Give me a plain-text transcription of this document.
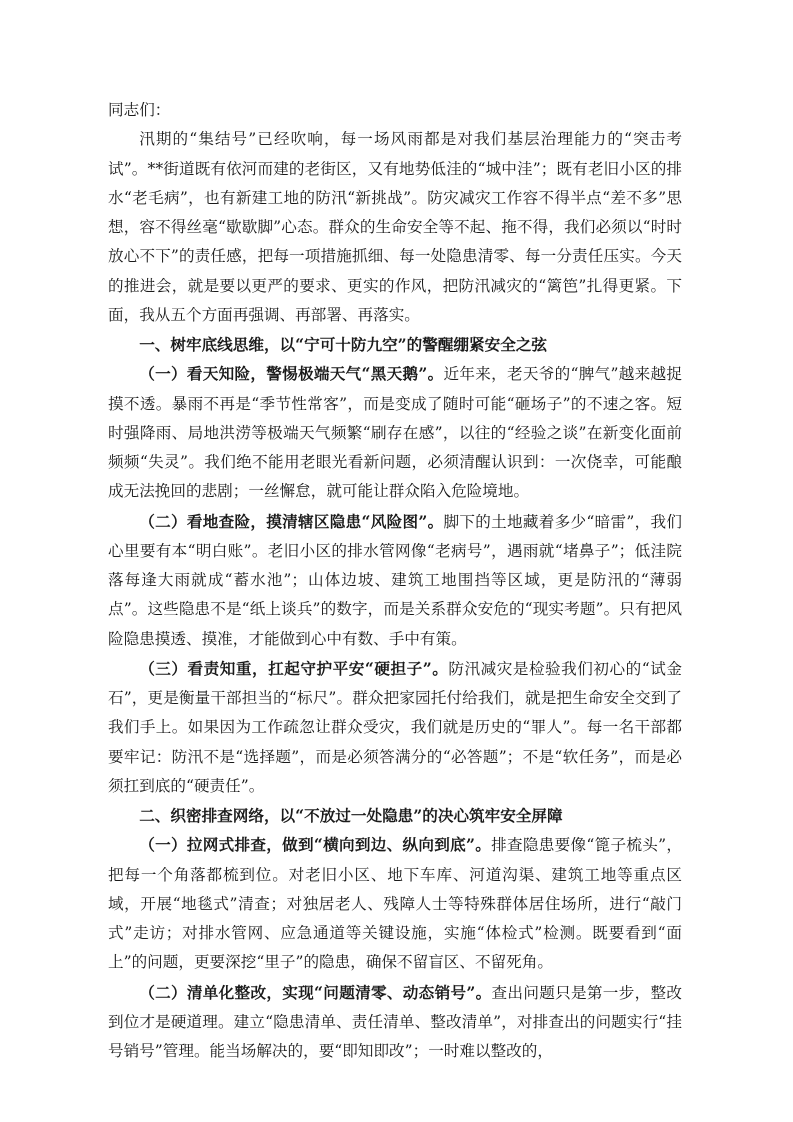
同志们：

汛期的“集结号”已经吹响，每一场风雨都是对我们基层治理能力的“突击考试”。**街道既有依河而建的老街区，又有地势低洼的“城中洼”；既有老旧小区的排水“老毛病”，也有新建工地的防汛“新挑战”。防灾减灾工作容不得半点“差不多”思想，容不得丝毫“歇歇脚”心态。群众的生命安全等不起、拖不得，我们必须以“时时放心不下”的责任感，把每一项措施抓细、每一处隐患清零、每一分责任压实。今天的推进会，就是要以更严的要求、更实的作风，把防汛减灾的“篱笆”扎得更紧。下面，我从五个方面再强调、再部署、再落实。

一、树牢底线思维，以“宁可十防九空”的警醒绷紧安全之弦

（一）看天知险，警惕极端天气“黑天鹅”。近年来，老天爷的“脾气”越来越捉摸不透。暴雨不再是“季节性常客”，而是变成了随时可能“砸场子”的不速之客。短时强降雨、局地洪涝等极端天气频繁“刷存在感”，以往的“经验之谈”在新变化面前频频“失灵”。我们绝不能用老眼光看新问题，必须清醒认识到：一次侥幸，可能酿成无法挽回的悲剧；一丝懈怠，就可能让群众陷入危险境地。

（二）看地查险，摸清辖区隐患“风险图”。脚下的土地藏着多少“暗雷”，我们心里要有本“明白账”。老旧小区的排水管网像“老病号”，遇雨就“堵鼻子”；低洼院落每逢大雨就成“蓄水池”；山体边坡、建筑工地围挡等区域，更是防汛的“薄弱点”。这些隐患不是“纸上谈兵”的数字，而是关系群众安危的“现实考题”。只有把风险隐患摸透、摸准，才能做到心中有数、手中有策。

（三）看责知重，扛起守护平安“硬担子”。防汛减灾是检验我们初心的“试金石”，更是衡量干部担当的“标尺”。群众把家园托付给我们，就是把生命安全交到了我们手上。如果因为工作疏忽让群众受灾，我们就是历史的“罪人”。每一名干部都要牢记：防汛不是“选择题”，而是必须答满分的“必答题”；不是“软任务”，而是必须扛到底的“硬责任”。

二、织密排查网络，以“不放过一处隐患”的决心筑牢安全屏障

（一）拉网式排查，做到“横向到边、纵向到底”。排查隐患要像“篦子梳头”，把每一个角落都梳到位。对老旧小区、地下车库、河道沟渠、建筑工地等重点区域，开展“地毯式”清查；对独居老人、残障人士等特殊群体居住场所，进行“敲门式”走访；对排水管网、应急通道等关键设施，实施“体检式”检测。既要看到“面上”的问题，更要深挖“里子”的隐患，确保不留盲区、不留死角。

（二）清单化整改，实现“问题清零、动态销号”。查出问题只是第一步，整改到位才是硬道理。建立“隐患清单、责任清单、整改清单”，对排查出的问题实行“挂号销号”管理。能当场解决的，要“即知即改”；一时难以整改的，
